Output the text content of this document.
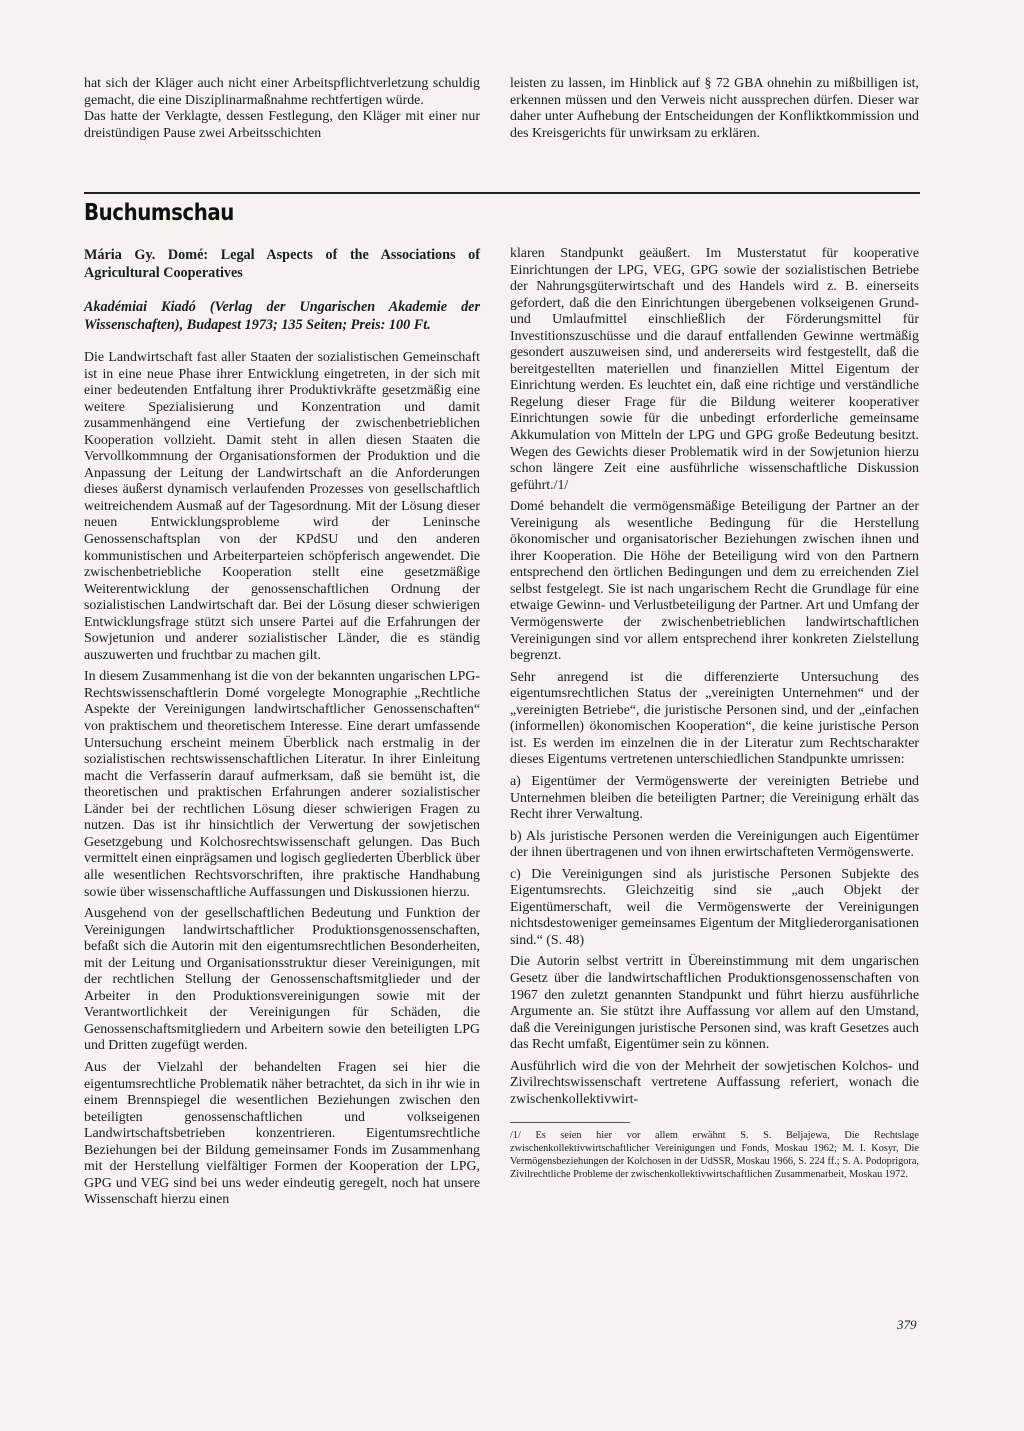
hat sich der Kläger auch nicht einer Arbeitspflichtverletzung schuldig gemacht, die eine Disziplinarmaßnahme rechtfertigen würde.

Das hatte der Verklagte, dessen Festlegung, den Kläger mit einer nur dreistündigen Pause zwei Arbeitsschichten

leisten zu lassen, im Hinblick auf § 72 GBA ohnehin zu mißbilligen ist, erkennen müssen und den Verweis nicht aussprechen dürfen. Dieser war daher unter Aufhebung der Entscheidungen der Konfliktkommission und des Kreisgerichts für unwirksam zu erklären.

Buchumschau
Mária Gy. Domé: Legal Aspects of the Associations of Agricultural Cooperatives
Akadémiai Kiadó (Verlag der Ungarischen Akademie der Wissenschaften), Budapest 1973; 135 Seiten; Preis: 100 Ft.

Die Landwirtschaft fast aller Staaten der sozialistischen Gemeinschaft ist in eine neue Phase ihrer Entwicklung eingetreten, in der sich mit einer bedeutenden Entfaltung ihrer Produktivkräfte gesetzmäßig eine weitere Spezialisierung und Konzentration und damit zusammenhängend eine Vertiefung der zwischenbetrieblichen Kooperation vollzieht. Damit steht in allen diesen Staaten die Vervollkommnung der Organisationsformen der Produktion und die Anpassung der Leitung der Landwirtschaft an die Anforderungen dieses äußerst dynamisch verlaufenden Prozesses von gesellschaftlich weitreichendem Ausmaß auf der Tagesordnung. Mit der Lösung dieser neuen Entwicklungsprobleme wird der Leninsche Genossenschaftsplan von der KPdSU und den anderen kommunistischen und Arbeiterparteien schöpferisch angewendet. Die zwischenbetriebliche Kooperation stellt eine gesetzmäßige Weiterentwicklung der genossenschaftlichen Ordnung der sozialistischen Landwirtschaft dar. Bei der Lösung dieser schwierigen Entwicklungsfrage stützt sich unsere Partei auf die Erfahrungen der Sowjetunion und anderer sozialistischer Länder, die es ständig auszuwerten und fruchtbar zu machen gilt.

In diesem Zusammenhang ist die von der bekannten ungarischen LPG-Rechtswissenschaftlerin Domé vorgelegte Monographie „Rechtliche Aspekte der Vereinigungen landwirtschaftlicher Genossenschaften“ von praktischem und theoretischem Interesse. Eine derart umfassende Untersuchung erscheint meinem Überblick nach erstmalig in der sozialistischen rechtswissenschaftlichen Literatur. In ihrer Einleitung macht die Verfasserin darauf aufmerksam, daß sie bemüht ist, die theoretischen und praktischen Erfahrungen anderer sozialistischer Länder bei der rechtlichen Lösung dieser schwierigen Fragen zu nutzen. Das ist ihr hinsichtlich der Verwertung der sowjetischen Gesetzgebung und Kolchosrechtswissenschaft gelungen. Das Buch vermittelt einen einprägsamen und logisch gegliederten Überblick über alle wesentlichen Rechtsvorschriften, ihre praktische Handhabung sowie über wissenschaftliche Auffassungen und Diskussionen hierzu.

Ausgehend von der gesellschaftlichen Bedeutung und Funktion der Vereinigungen landwirtschaftlicher Produktionsgenossenschaften, befaßt sich die Autorin mit den eigentumsrechtlichen Besonderheiten, mit der Leitung und Organisationsstruktur dieser Vereinigungen, mit der rechtlichen Stellung der Genossenschaftsmitglieder und der Arbeiter in den Produktionsvereinigungen sowie mit der Verantwortlichkeit der Vereinigungen für Schäden, die Genossenschaftsmitgliedern und Arbeitern sowie den beteiligten LPG und Dritten zugefügt werden.

Aus der Vielzahl der behandelten Fragen sei hier die eigentumsrechtliche Problematik näher betrachtet, da sich in ihr wie in einem Brennspiegel die wesentlichen Beziehungen zwischen den beteiligten genossenschaftlichen und volkseigenen Landwirtschaftsbetrieben konzentrieren. Eigentumsrechtliche Beziehungen bei der Bildung gemeinsamer Fonds im Zusammenhang mit der Herstellung vielfältiger Formen der Kooperation der LPG, GPG und VEG sind bei uns weder eindeutig geregelt, noch hat unsere Wissenschaft hierzu einen

klaren Standpunkt geäußert. Im Musterstatut für kooperative Einrichtungen der LPG, VEG, GPG sowie der sozialistischen Betriebe der Nahrungsgüterwirtschaft und des Handels wird z. B. einerseits gefordert, daß die den Einrichtungen übergebenen volkseigenen Grund- und Umlaufmittel einschließlich der Förderungsmittel für Investitionszuschüsse und die darauf entfallenden Gewinne wertmäßig gesondert auszuweisen sind, und andererseits wird festgestellt, daß die bereitgestellten materiellen und finanziellen Mittel Eigentum der Einrichtung werden. Es leuchtet ein, daß eine richtige und verständliche Regelung dieser Frage für die Bildung weiterer kooperativer Einrichtungen sowie für die unbedingt erforderliche gemeinsame Akkumulation von Mitteln der LPG und GPG große Bedeutung besitzt. Wegen des Gewichts dieser Problematik wird in der Sowjetunion hierzu schon längere Zeit eine ausführliche wissenschaftliche Diskussion geführt./1/

Domé behandelt die vermögensmäßige Beteiligung der Partner an der Vereinigung als wesentliche Bedingung für die Herstellung ökonomischer und organisatorischer Beziehungen zwischen ihnen und ihrer Kooperation. Die Höhe der Beteiligung wird von den Partnern entsprechend den örtlichen Bedingungen und dem zu erreichenden Ziel selbst festgelegt. Sie ist nach ungarischem Recht die Grundlage für eine etwaige Gewinn- und Verlustbeteiligung der Partner. Art und Umfang der Vermögenswerte der zwischenbetrieblichen landwirtschaftlichen Vereinigungen sind vor allem entsprechend ihrer konkreten Zielstellung begrenzt.

Sehr anregend ist die differenzierte Untersuchung des eigentumsrechtlichen Status der „vereinigten Unternehmen“ und der „vereinigten Betriebe“, die juristische Personen sind, und der „einfachen (informellen) ökonomischen Kooperation“, die keine juristische Person ist. Es werden im einzelnen die in der Literatur zum Rechtscharakter dieses Eigentums vertretenen unterschiedlichen Standpunkte umrissen:

a) Eigentümer der Vermögenswerte der vereinigten Betriebe und Unternehmen bleiben die beteiligten Partner; die Vereinigung erhält das Recht ihrer Verwaltung.

b) Als juristische Personen werden die Vereinigungen auch Eigentümer der ihnen übertragenen und von ihnen erwirtschafteten Vermögenswerte.

c) Die Vereinigungen sind als juristische Personen Subjekte des Eigentumsrechts. Gleichzeitig sind sie „auch Objekt der Eigentümerschaft, weil die Vermögenswerte der Vereinigungen nichtsdestoweniger gemeinsames Eigentum der Mitgliederorganisationen sind.“ (S. 48)

Die Autorin selbst vertritt in Übereinstimmung mit dem ungarischen Gesetz über die landwirtschaftlichen Produktionsgenossenschaften von 1967 den zuletzt genannten Standpunkt und führt hierzu ausführliche Argumente an. Sie stützt ihre Auffassung vor allem auf den Umstand, daß die Vereinigungen juristische Personen sind, was kraft Gesetzes auch das Recht umfaßt, Eigentümer sein zu können.

Ausführlich wird die von der Mehrheit der sowjetischen Kolchos- und Zivilrechtswissenschaft vertretene Auffassung referiert, wonach die zwischenkollektivwirt-

/1/ Es seien hier vor allem erwähnt S. S. Beljajewa, Die Rechtslage zwischenkollektivwirtschaftlicher Vereinigungen und Fonds, Moskau 1962; M. I. Kosyr, Die Vermögensbeziehungen der Kolchosen in der UdSSR, Moskau 1966, S. 224 ff.; S. A. Podoprigora, Zivilrechtliche Probleme der zwischenkollektivwirtschaftlichen Zusammenarbeit, Moskau 1972.
379
